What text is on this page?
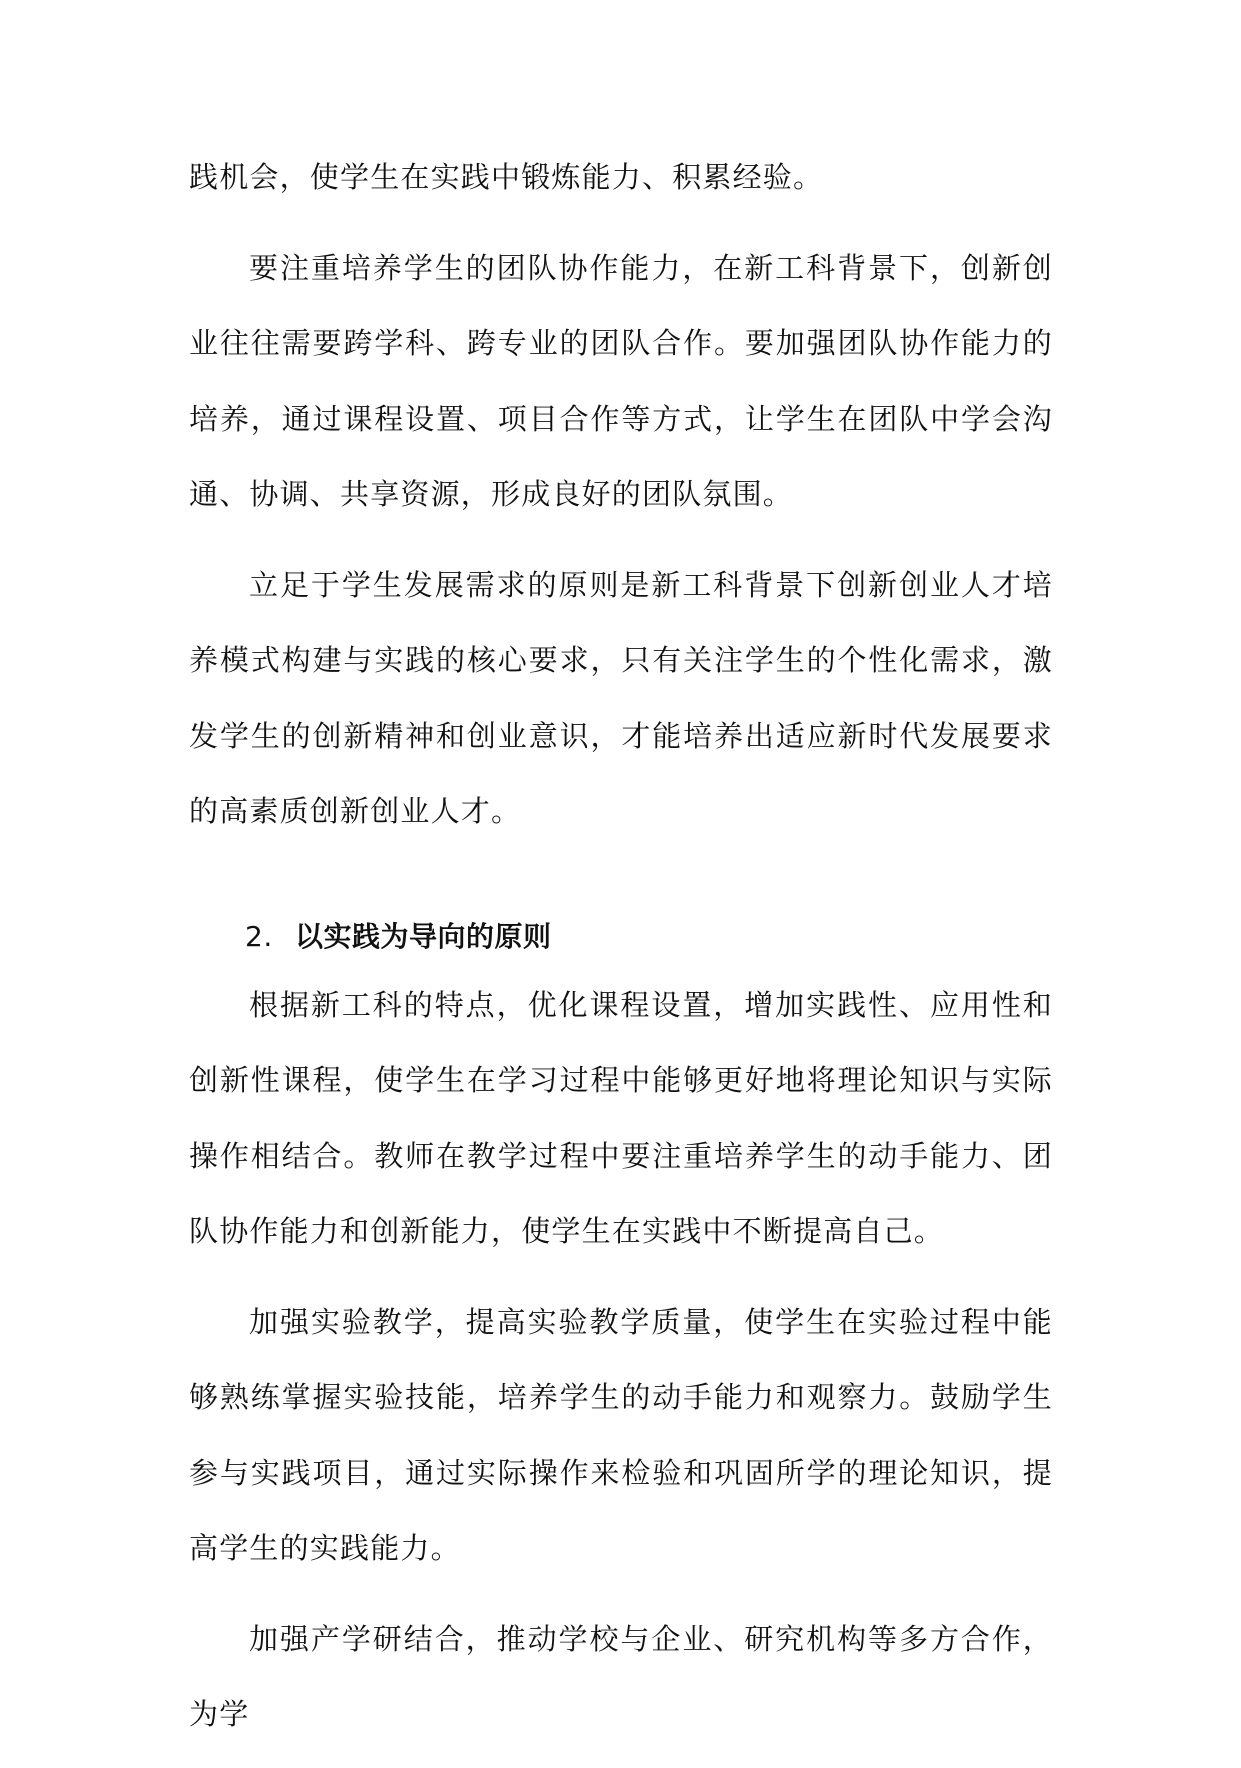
践机会，使学生在实践中锻炼能力、积累经验。

要注重培养学生的团队协作能力，在新工科背景下，创新创业往往需要跨学科、跨专业的团队合作。要加强团队协作能力的培养，通过课程设置、项目合作等方式，让学生在团队中学会沟通、协调、共享资源，形成良好的团队氛围。

立足于学生发展需求的原则是新工科背景下创新创业人才培养模式构建与实践的核心要求，只有关注学生的个性化需求，激发学生的创新精神和创业意识，才能培养出适应新时代发展要求的高素质创新创业人才。

2. 以实践为导向的原则

根据新工科的特点，优化课程设置，增加实践性、应用性和创新性课程，使学生在学习过程中能够更好地将理论知识与实际操作相结合。教师在教学过程中要注重培养学生的动手能力、团队协作能力和创新能力，使学生在实践中不断提高自己。

加强实验教学，提高实验教学质量，使学生在实验过程中能够熟练掌握实验技能，培养学生的动手能力和观察力。鼓励学生参与实践项目，通过实际操作来检验和巩固所学的理论知识，提高学生的实践能力。

加强产学研结合，推动学校与企业、研究机构等多方合作，为学
